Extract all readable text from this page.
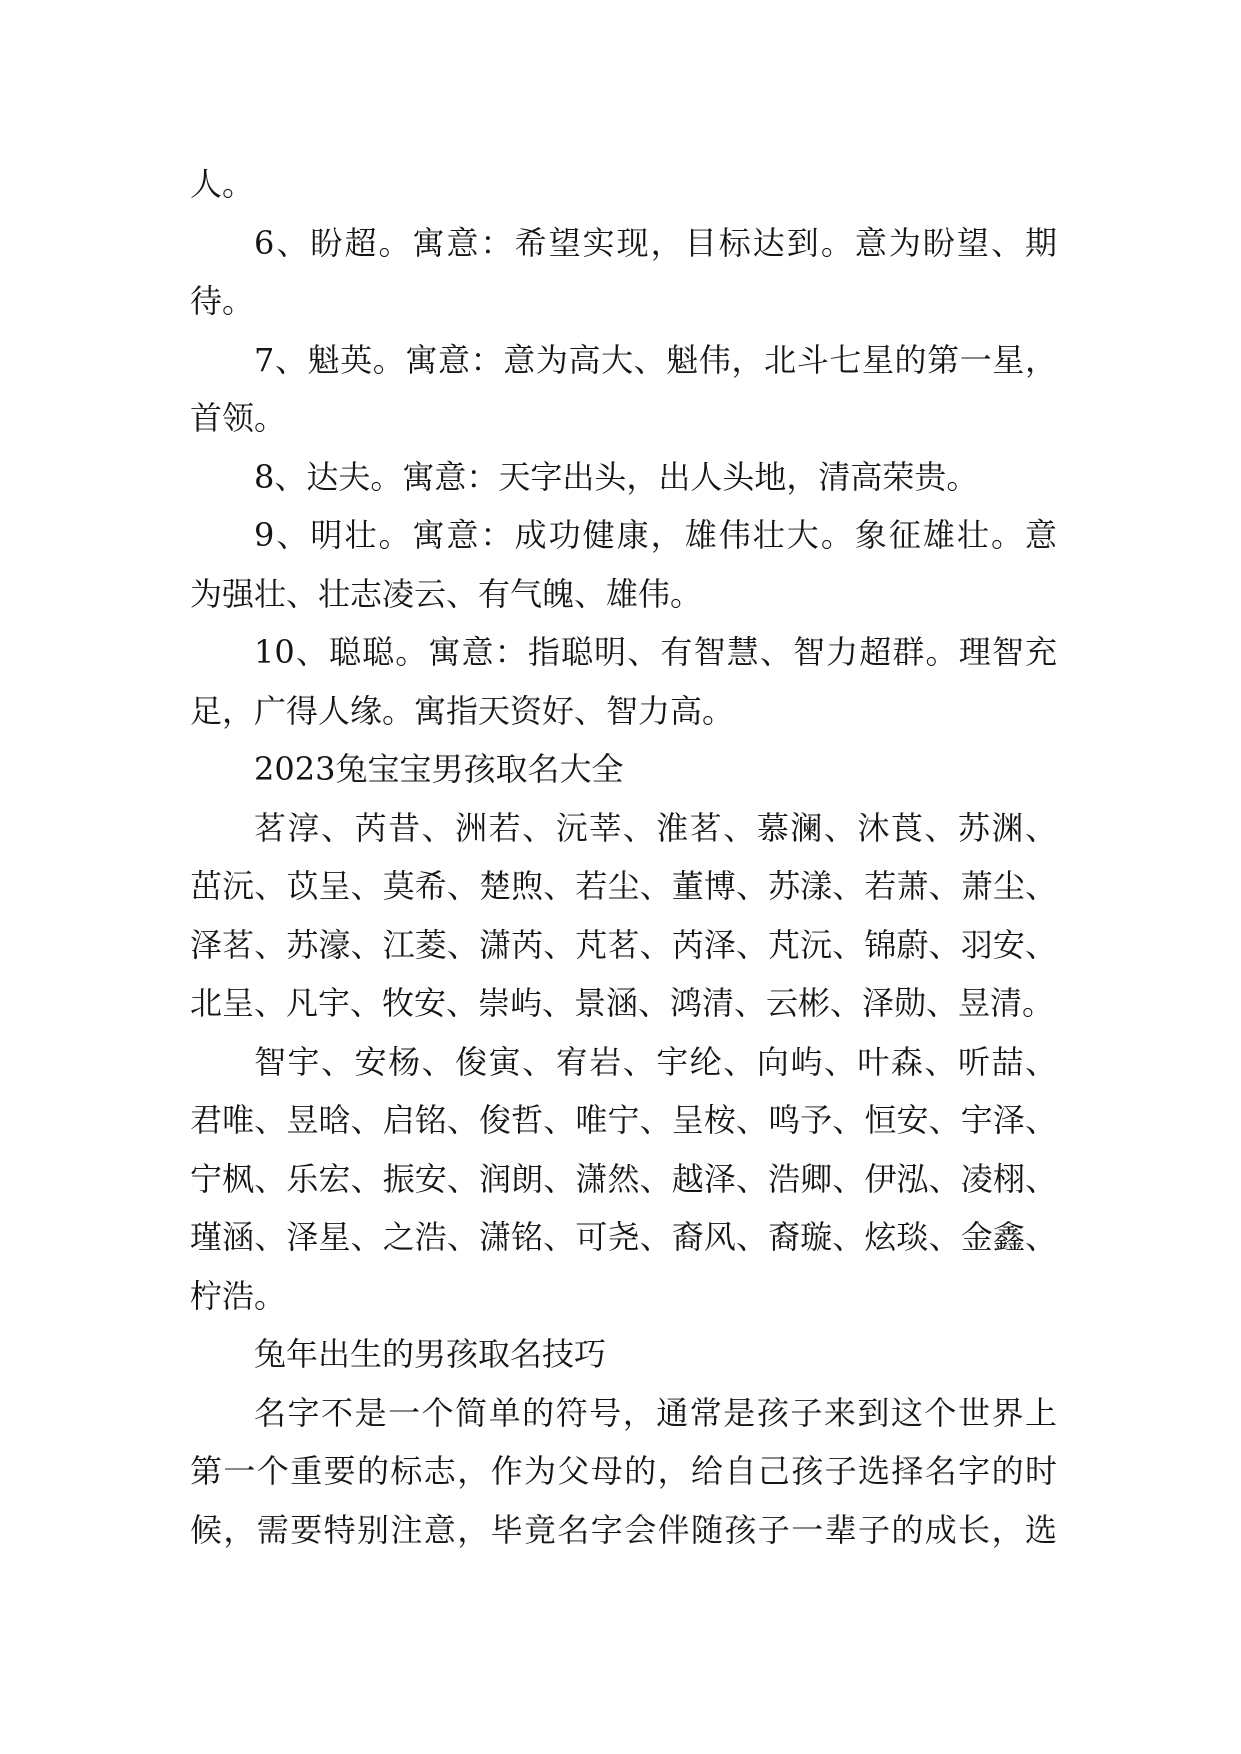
人。
6、盼超。寓意：希望实现，目标达到。意为盼望、期
待。
7、魁英。寓意：意为高大、魁伟，北斗七星的第一星，
首领。
8、达夫。寓意：天字出头，出人头地，清高荣贵。
9、明壮。寓意：成功健康，雄伟壮大。象征雄壮。意
为强壮、壮志凌云、有气魄、雄伟。
10、聪聪。寓意：指聪明、有智慧、智力超群。理智充
足，广得人缘。寓指天资好、智力高。
2023兔宝宝男孩取名大全
茗淳、芮昔、洲若、沅莘、淮茗、慕澜、沐莨、苏渊、
茁沅、苡呈、莫希、楚煦、若尘、董博、苏漾、若萧、萧尘、
泽茗、苏濠、江菱、潇芮、芃茗、芮泽、芃沅、锦蔚、羽安、
北呈、凡宇、牧安、崇屿、景涵、鸿清、云彬、泽勋、昱清。
智宇、安杨、俊寅、宥岩、宇纶、向屿、叶森、听喆、
君唯、昱晗、启铭、俊哲、唯宁、呈桉、鸣予、恒安、宇泽、
宁枫、乐宏、振安、润朗、潇然、越泽、浩卿、伊泓、凌栩、
瑾涵、泽星、之浩、潇铭、可尧、裔风、裔璇、炫琰、金鑫、
柠浩。
兔年出生的男孩取名技巧
名字不是一个简单的符号，通常是孩子来到这个世界上
第一个重要的标志，作为父母的，给自己孩子选择名字的时
候，需要特别注意，毕竟名字会伴随孩子一辈子的成长，选
